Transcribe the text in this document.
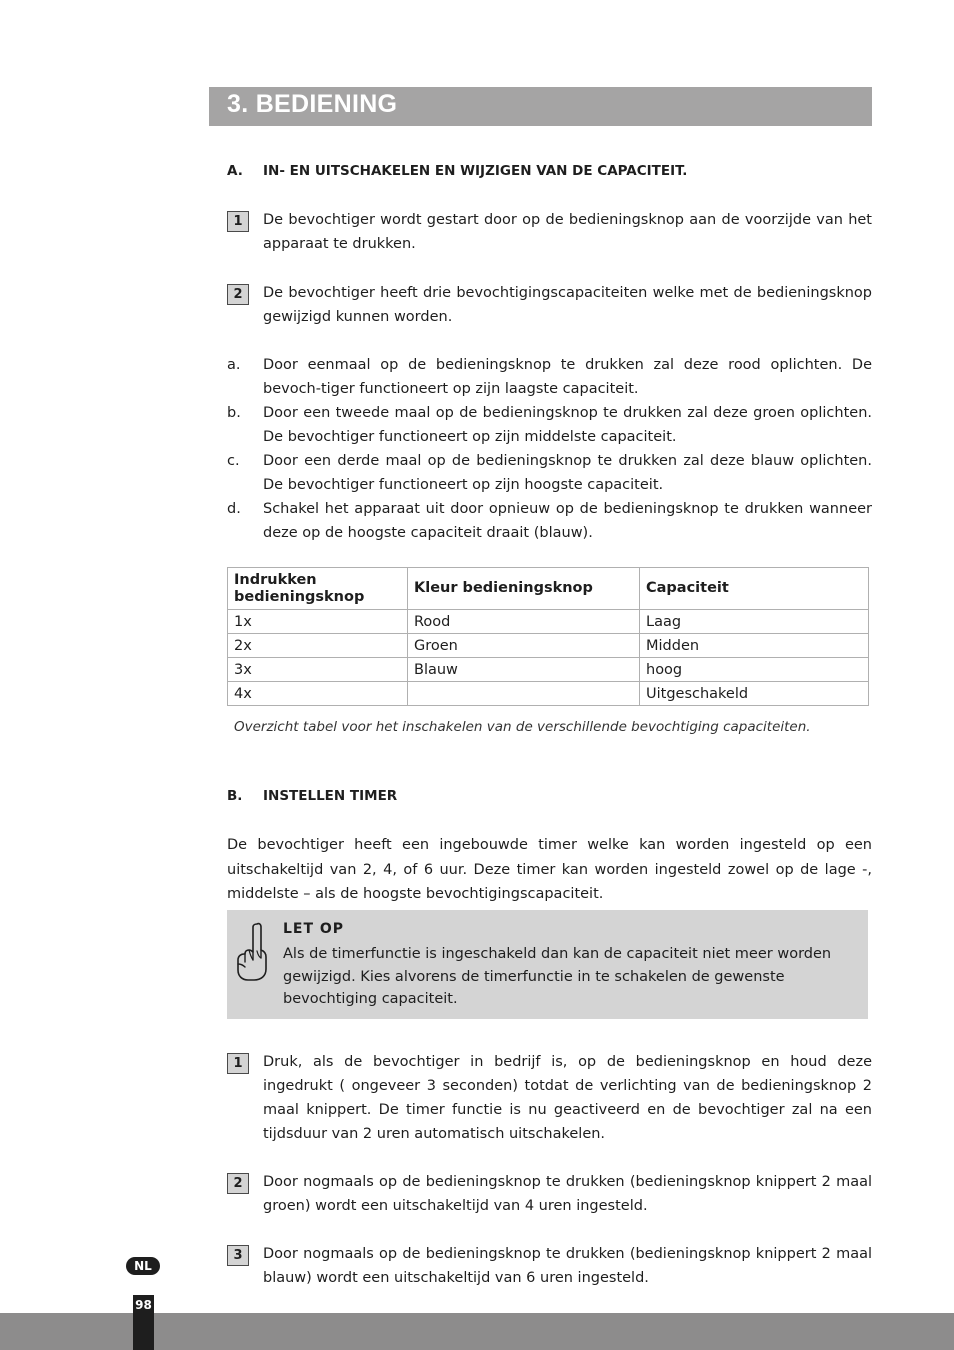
3. BEDIENING
A. IN- EN UITSCHAKELEN EN WIJZIGEN VAN DE CAPACITEIT.
1	De bevochtiger wordt gestart door op de bedieningsknop aan de voorzijde van het apparaat te drukken.

2	De bevochtiger heeft drie bevochtigingscapaciteiten welke met de bedieningsknop gewijzigd kunnen worden.

a. Door eenmaal op de bedieningsknop te drukken zal deze rood oplichten. De bevoch-tiger functioneert op zijn laagste capaciteit.

b. Door een tweede maal op de bedieningsknop te drukken zal deze groen oplichten. De bevochtiger functioneert op zijn middelste capaciteit.

c. Door een derde maal op de bedieningsknop te drukken zal deze blauw oplichten. De bevochtiger functioneert op zijn hoogste capaciteit.

d. Schakel het apparaat uit door opnieuw op de bedieningsknop te drukken wanneer deze op de hoogste capaciteit draait (blauw).

Indrukken bedieningsknop	Kleur bedieningsknop	Capaciteit
1x	Rood	Laag
2x	Groen	Midden
3x	Blauw	hoog
4x		Uitgeschakeld
Overzicht tabel voor het inschakelen van de verschillende bevochtiging capaciteiten.
B. INSTELLEN TIMER

De bevochtiger heeft een ingebouwde timer welke kan worden ingesteld op een uitschakeltijd van 2, 4, of 6 uur. Deze timer kan worden ingesteld zowel op de lage -, middelste – als de hoogste bevochtigingscapaciteit.

LET OP

Als de timerfunctie is ingeschakeld dan kan de capaciteit niet meer worden gewijzigd. Kies alvorens de timerfunctie in te schakelen de gewenste bevochtiging capaciteit.

1	Druk, als de bevochtiger in bedrijf is, op de bedieningsknop en houd deze ingedrukt ( ongeveer 3 seconden) totdat de verlichting van de bedieningsknop 2 maal knippert. De timer functie is nu geactiveerd en de bevochtiger zal na een tijdsduur van 2 uren automatisch uitschakelen.

2	Door nogmaals op de bedieningsknop te drukken (bedieningsknop knippert 2 maal groen) wordt een uitschakeltijd van 4 uren ingesteld.

3	Door nogmaals op de bedieningsknop te drukken (bedieningsknop knippert 2 maal blauw) wordt een uitschakeltijd van 6 uren ingesteld.

NL
98
